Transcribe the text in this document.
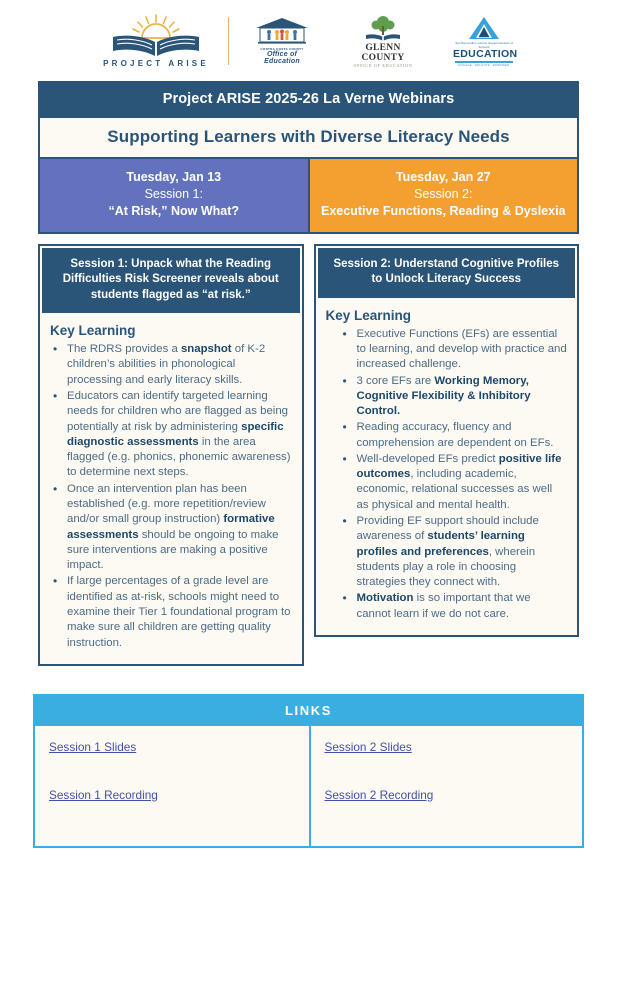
PROJECT ARISE
CONTRA COSTA COUNTY
Office of Education
GLENN COUNTY
OFFICE OF EDUCATION
San Bernardino County Superintendent of Schools
EDUCATION
ENGAGE · EDUCATE · EMPOWER
Project ARISE 2025-26 La Verne Webinars
Supporting Learners with Diverse Literacy Needs
Tuesday, Jan 13
Session 1:
“At Risk,” Now What?
Tuesday, Jan 27
Session 2:
Executive Functions, Reading & Dyslexia
Session 1: Unpack what the Reading Difficulties Risk Screener reveals about students flagged as “at risk.”
Key Learning
• The RDRS provides a snapshot of K-2 children’s abilities in phonological processing and early literacy skills.
• Educators can identify targeted learning needs for children who are flagged as being potentially at risk by administering specific diagnostic assessments in the area flagged (e.g. phonics, phonemic awareness) to determine next steps.
• Once an intervention plan has been established (e.g. more repetition/review and/or small group instruction) formative assessments should be ongoing to make sure interventions are making a positive impact.
• If large percentages of a grade level are identified as at-risk, schools might need to examine their Tier 1 foundational program to make sure all children are getting quality instruction.
Session 2: Understand Cognitive Profiles to Unlock Literacy Success
Key Learning
• Executive Functions (EFs) are essential to learning, and develop with practice and increased challenge.
• 3 core EFs are Working Memory, Cognitive Flexibility & Inhibitory Control.
• Reading accuracy, fluency and comprehension are dependent on EFs.
• Well-developed EFs predict positive life outcomes, including academic, economic, relational successes as well as physical and mental health.
• Providing EF support should include awareness of students’ learning profiles and preferences, wherein students play a role in choosing strategies they connect with.
• Motivation is so important that we cannot learn if we do not care.
LINKS
Session 1 Slides
Session 1 Recording
Session 2 Slides
Session 2 Recording
